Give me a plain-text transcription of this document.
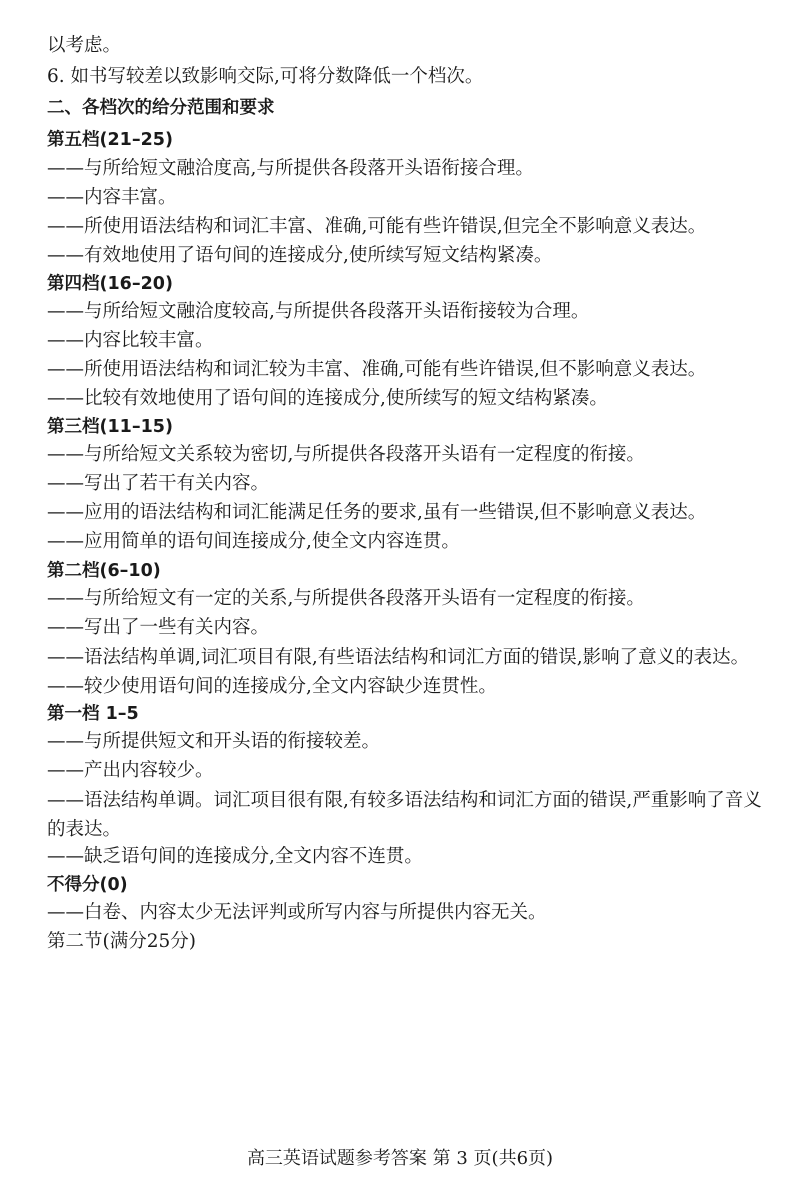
以考虑。
6. 如书写较差以致影响交际,可将分数降低一个档次。
二、各档次的给分范围和要求
第五档(21–25)
——与所给短文融洽度高,与所提供各段落开头语衔接合理。
——内容丰富。
——所使用语法结构和词汇丰富、准确,可能有些许错误,但完全不影响意义表达。
——有效地使用了语句间的连接成分,使所续写短文结构紧凑。
第四档(16–20)
——与所给短文融洽度较高,与所提供各段落开头语衔接较为合理。
——内容比较丰富。
——所使用语法结构和词汇较为丰富、准确,可能有些许错误,但不影响意义表达。
——比较有效地使用了语句间的连接成分,使所续写的短文结构紧凑。
第三档(11–15)
——与所给短文关系较为密切,与所提供各段落开头语有一定程度的衔接。
——写出了若干有关内容。
——应用的语法结构和词汇能满足任务的要求,虽有一些错误,但不影响意义表达。
——应用简单的语句间连接成分,使全文内容连贯。
第二档(6–10)
——与所给短文有一定的关系,与所提供各段落开头语有一定程度的衔接。
——写出了一些有关内容。
——语法结构单调,词汇项目有限,有些语法结构和词汇方面的错误,影响了意义的表达。——较少使用语句间的连接成分,全文内容缺少连贯性。
第一档 1–5
——与所提供短文和开头语的衔接较差。
——产出内容较少。
——语法结构单调。词汇项目很有限,有较多语法结构和词汇方面的错误,严重影响了音义的表达。
——缺乏语句间的连接成分,全文内容不连贯。
不得分(0)
——白卷、内容太少无法评判或所写内容与所提供内容无关。
第二节(满分25分)
高三英语试题参考答案 第 3 页(共6页)
